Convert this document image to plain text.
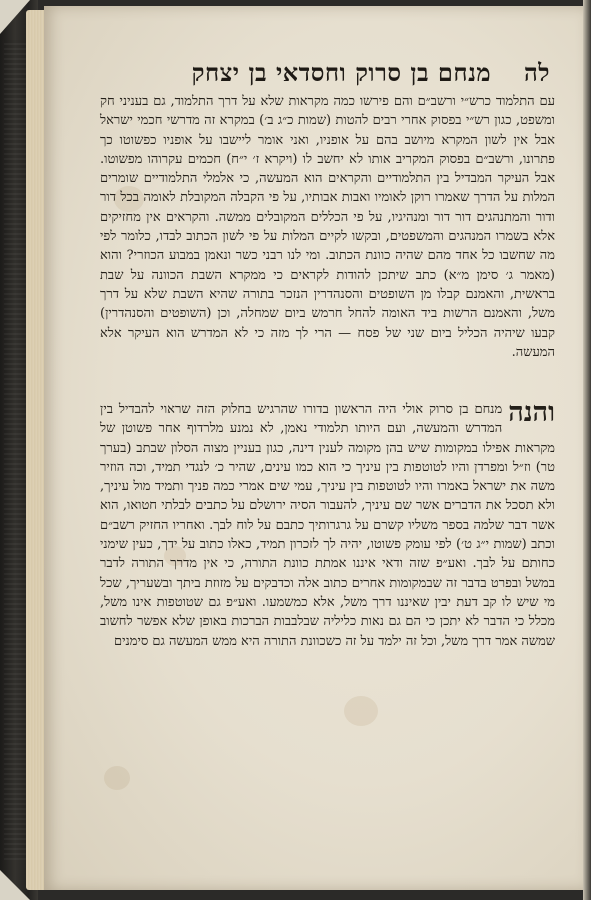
לה מנחם בן סרוק וחסדאי בן יצחק

עם התלמוד כרש״י ורשב״ם והם פירשו כמה מקראות שלא על דרך התלמוד, גם בעניני חק ומשפט, כגון רש״י בפסוק אחרי רבים להטות (שמות כ״ג ב׳) במקרא זה מדרשי חכמי ישראל אבל אין לשון המקרא מיושב בהם על אופניו, ואני אומר ליישבו על אופניו כפשוטו כך פתרונו, ורשב״ם בפסוק המקריב אותו לא יחשב לו (ויקרא ז׳ י״ח) חכמים עקרוהו מפשוטו. אבל העיקר המבדיל בין התלמודיים והקראים הוא המעשה, כי אלמלי התלמודיים שומרים המלות על הדרך שאמרו רוקן לאומיו ואבות אבותיו, על פי הקבלה המקובלת לאומה בכל דור ודור והמתנהגים דור דור ומנהיגיו, על פי הכללים המקובלים ממשה. והקראים אין מחזיקים אלא בשמרו המנהגים והמשפטים, ובקשו לקיים המלות על פי לשון הכתוב לבדו, כלומר לפי מה שחשבו כל אחד מהם שהיה כוונת הכתוב. ומי לנו רבני כשר ונאמן במבוע הכוזרי? והוא (מאמר ג׳ סימן מ״א) כתב שיתכן להודות לקראים כי ממקרא השבת הכוונה על שבת בראשית, והאמנם קבלו מן השופטים והסנהדרין הנזכר בתורה שהיא השבת שלא על דרך משל, והאמנם הרשות ביד האומה להחל חרמש ביום שמחלה, וכן (השופטים והסנהדרין) קבעו שיהיה הכליל ביום שני של פסח — הרי לך מזה כי לא המדרש הוא העיקר אלא המעשה.

והנה

מנחם בן סרוק אולי היה הראשון בדורו שהרגיש בחלוק הזה שראוי להבדיל בין המדרש והמעשה, ועם היותו תלמודי נאמן, לא נמנע מלרדוף אחר פשוטן של מקראות אפילו במקומות שיש בהן מקומה לענין דינה, כגון בעניין מצוה הסלון שבתב (בערך טר) וז״ל ומפרדן והיו לטוטפות בין עיניך כי הוא כמו עינים, שהיר כ׳ לנגדי תמיד, וכה הוזיר משה את ישראל באמרו והיו לטוטפות בין עיניך, עמי שים אמרי כמה פניך ותמיד מול עיניך, ולא תסכל את הדברים אשר שם עיניך, להעבור הסיה ירושלם על כתבים לבלתי חטואו, הוא אשר דבר שלמה בספר משליו קשרם על גרגרותיך כתבם על לוח לבך. ואחריו החזיק רשב״ם וכתב (שמות י״ג ט׳) לפי עומק פשוטו, יהיה לך לזכרון תמיד, כאלו כתוב על ידך, כעין שימני כחותם על לבך. ואע״פ שזה ודאי איננו אמתת כוונת התורה, כי אין מדרך התורה לדבר במשל ובפרט בדבר זה שבמקומות אחרים כתוב אלה וכדבקים על מזוזת ביתך ובשעריך, שכל מי שיש לו קב דעת יבין שאיננו דרך משל, אלא כמשמעו. ואע״פ גם שטוטפות אינו משל, מכלל כי הדבר לא יתכן כי הם גם נאות כליליה שבלבבות הברכות באופן שלא אפשר לחשוב שמשה אמר דרך משל, וכל זה ילמד על זה כשכוונת התורה היא ממש המעשה גם סימנים
